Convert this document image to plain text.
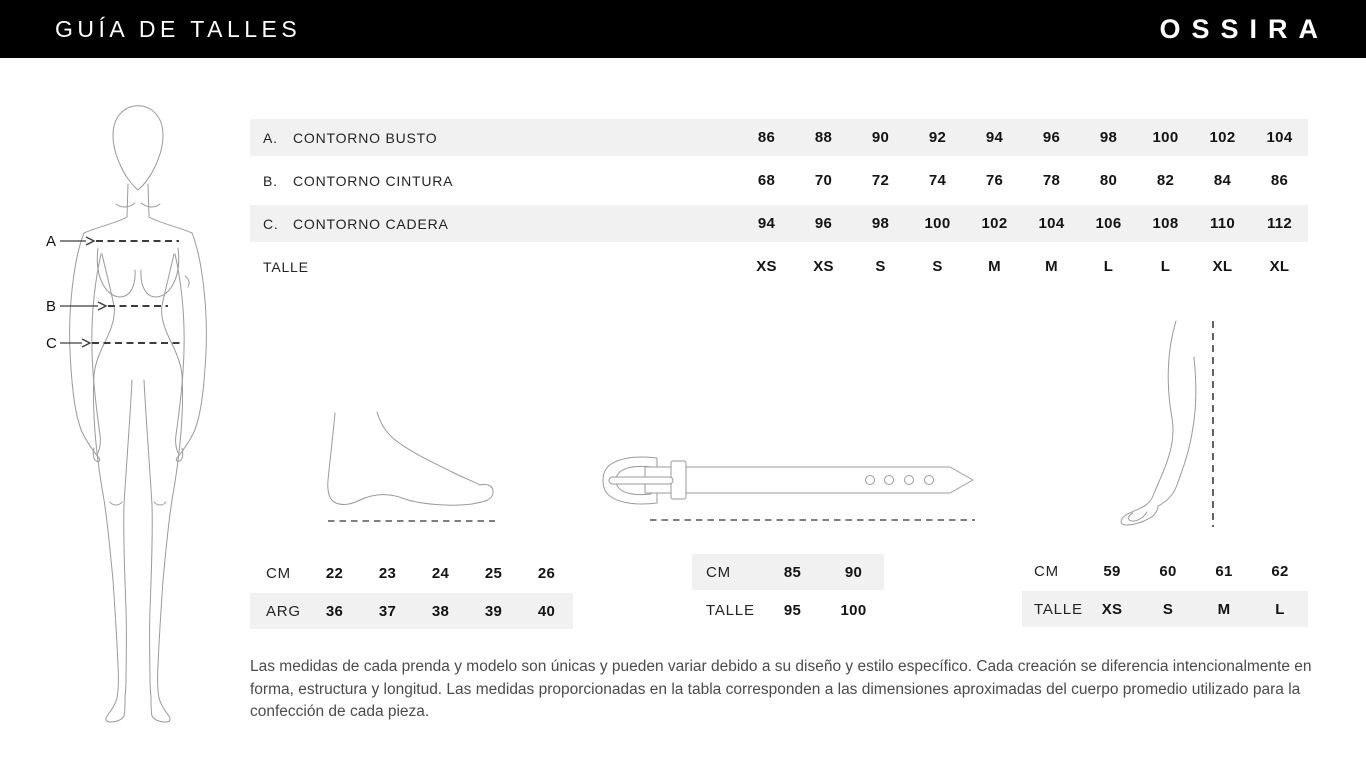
GUÍA DE TALLES	OSSIRA
A
B
C
A.	CONTORNO BUSTO	86	88	90	92	94	96	98	100	102	104
B.	CONTORNO CINTURA	68	70	72	74	76	78	80	82	84	86
C.	CONTORNO CADERA	94	96	98	100	102	104	106	108	110	112
TALLE	XS	XS	S	S	M	M	L	L	XL	XL
CM	22	23	24	25	26
ARG	36	37	38	39	40
CM	85	90
TALLE	95	100
CM	59	60	61	62
TALLE	XS	S	M	L

Las medidas de cada prenda y modelo son únicas y pueden variar debido a su diseño y estilo específico. Cada creación se diferencia intencionalmente en forma, estructura y longitud. Las medidas proporcionadas en la tabla corresponden a las dimensiones aproximadas del cuerpo promedio utilizado para la confección de cada pieza.
